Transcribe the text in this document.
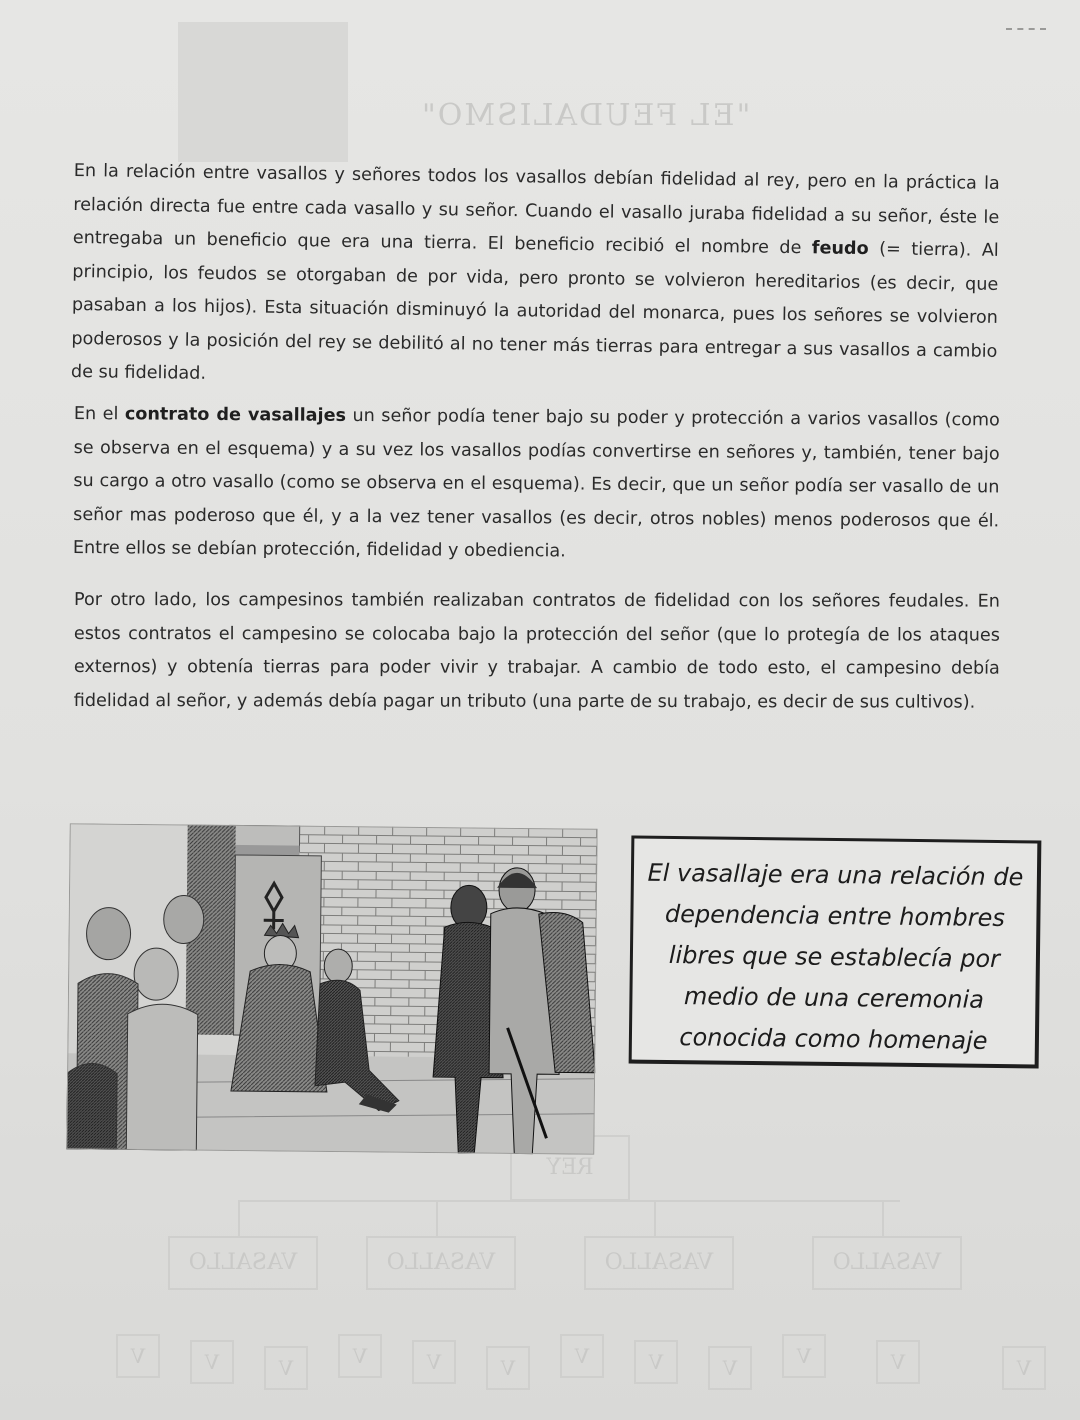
"EL FEUDALISMO"
REY
VASALLO	VASALLO	VASALLO	VASALLO
V	V	V	V	V	V	V	V	V	V	V	V

En la relación entre vasallos y señores todos los vasallos debían fidelidad al rey, pero en la práctica la relación directa fue entre cada vasallo y su señor. Cuando el vasallo juraba fidelidad a su señor, éste le entregaba un beneficio que era una tierra. El beneficio recibió el nombre de feudo (= tierra). Al principio, los feudos se otorgaban de por vida, pero pronto se volvieron hereditarios (es decir, que pasaban a los hijos). Esta situación disminuyó la autoridad del monarca, pues los señores se volvieron poderosos y la posición del rey se debilitó al no tener más tierras para entregar a sus vasallos a cambio de su fidelidad.

En el contrato de vasallajes un señor podía tener bajo su poder y protección a varios vasallos (como se observa en el esquema) y a su vez los vasallos podías convertirse en señores y, también, tener bajo su cargo a otro vasallo (como se observa en el esquema). Es decir, que un señor podía ser vasallo de un señor mas poderoso que él, y a la vez tener vasallos (es decir, otros nobles) menos poderosos que él. Entre ellos se debían protección, fidelidad y obediencia.

Por otro lado, los campesinos también realizaban contratos de fidelidad con los señores feudales. En estos contratos el campesino se colocaba bajo la protección del señor (que lo protegía de los ataques externos) y obtenía tierras para poder vivir y trabajar. A cambio de todo esto, el campesino debía fidelidad al señor, y además debía pagar un tributo (una parte de su trabajo, es decir de sus cultivos).

El vasallaje era una relación de
dependencia entre hombres
libres que se establecía por
medio de una ceremonia
conocida como homenaje
